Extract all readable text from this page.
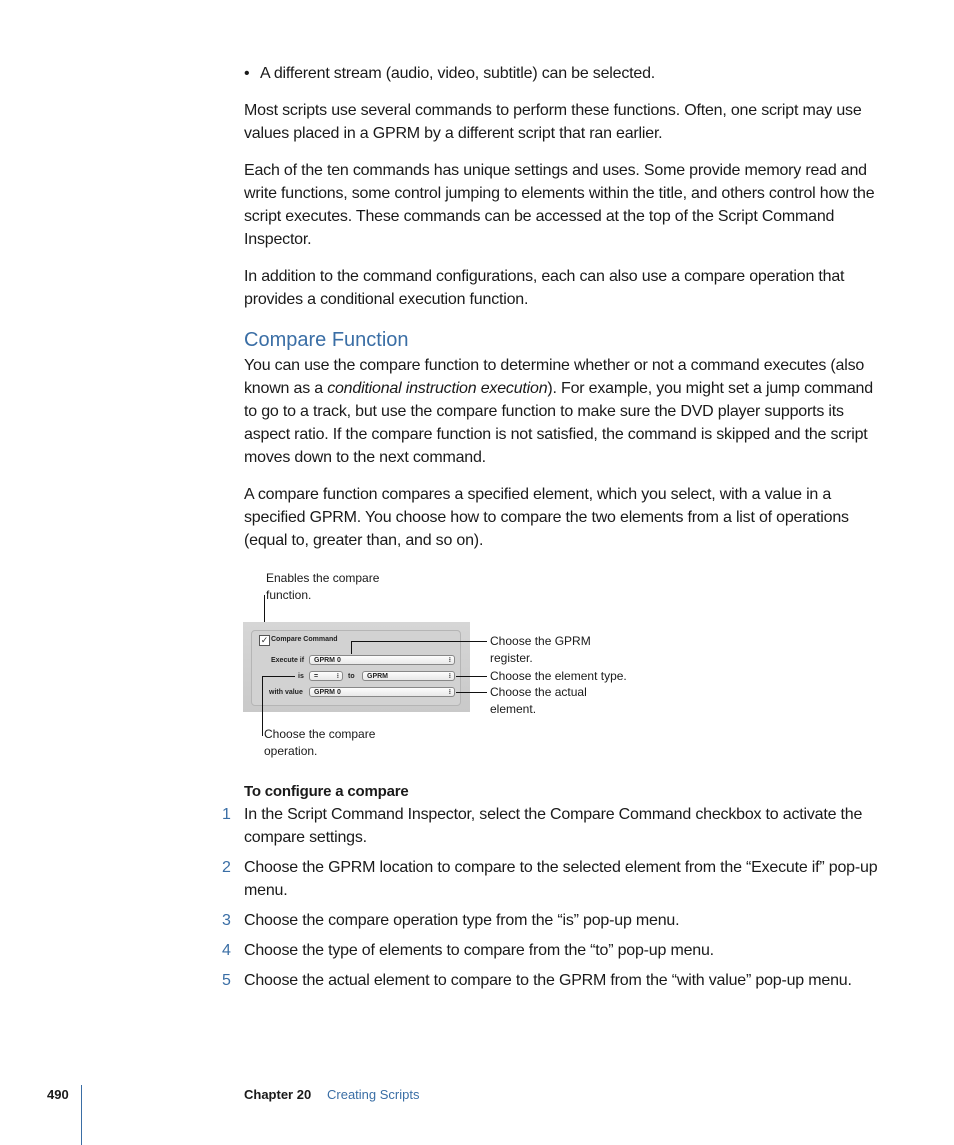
• A different stream (audio, video, subtitle) can be selected.

Most scripts use several commands to perform these functions. Often, one script may use values placed in a GPRM by a different script that ran earlier.

Each of the ten commands has unique settings and uses. Some provide memory read and write functions, some control jumping to elements within the title, and others control how the script executes. These commands can be accessed at the top of the Script Command Inspector.

In addition to the command configurations, each can also use a compare operation that provides a conditional execution function.

Compare Function

You can use the compare function to determine whether or not a command executes (also known as a conditional instruction execution). For example, you might set a jump command to go to a track, but use the compare function to make sure the DVD player supports its aspect ratio. If the compare function is not satisfied, the command is skipped and the script moves down to the next command.

A compare function compares a specified element, which you select, with a value in a specified GPRM. You choose how to compare the two elements from a list of operations (equal to, greater than, and so on).

Enables the compare function.
✓ Compare Command
Execute if	GPRM 0	⁝
is	=	⁝ to	GPRM	⁝
with value	GPRM 0	⁝
Choose the GPRM register.
Choose the element type.
Choose the actual element.
Choose the compare operation.
To configure a compare
1 In the Script Command Inspector, select the Compare Command checkbox to activate the compare settings.
2 Choose the GPRM location to compare to the selected element from the “Execute if” pop-up menu.
3 Choose the compare operation type from the “is” pop-up menu.
4 Choose the type of elements to compare from the “to” pop-up menu.
5 Choose the actual element to compare to the GPRM from the “with value” pop-up menu.
490	Chapter 20 Creating Scripts
